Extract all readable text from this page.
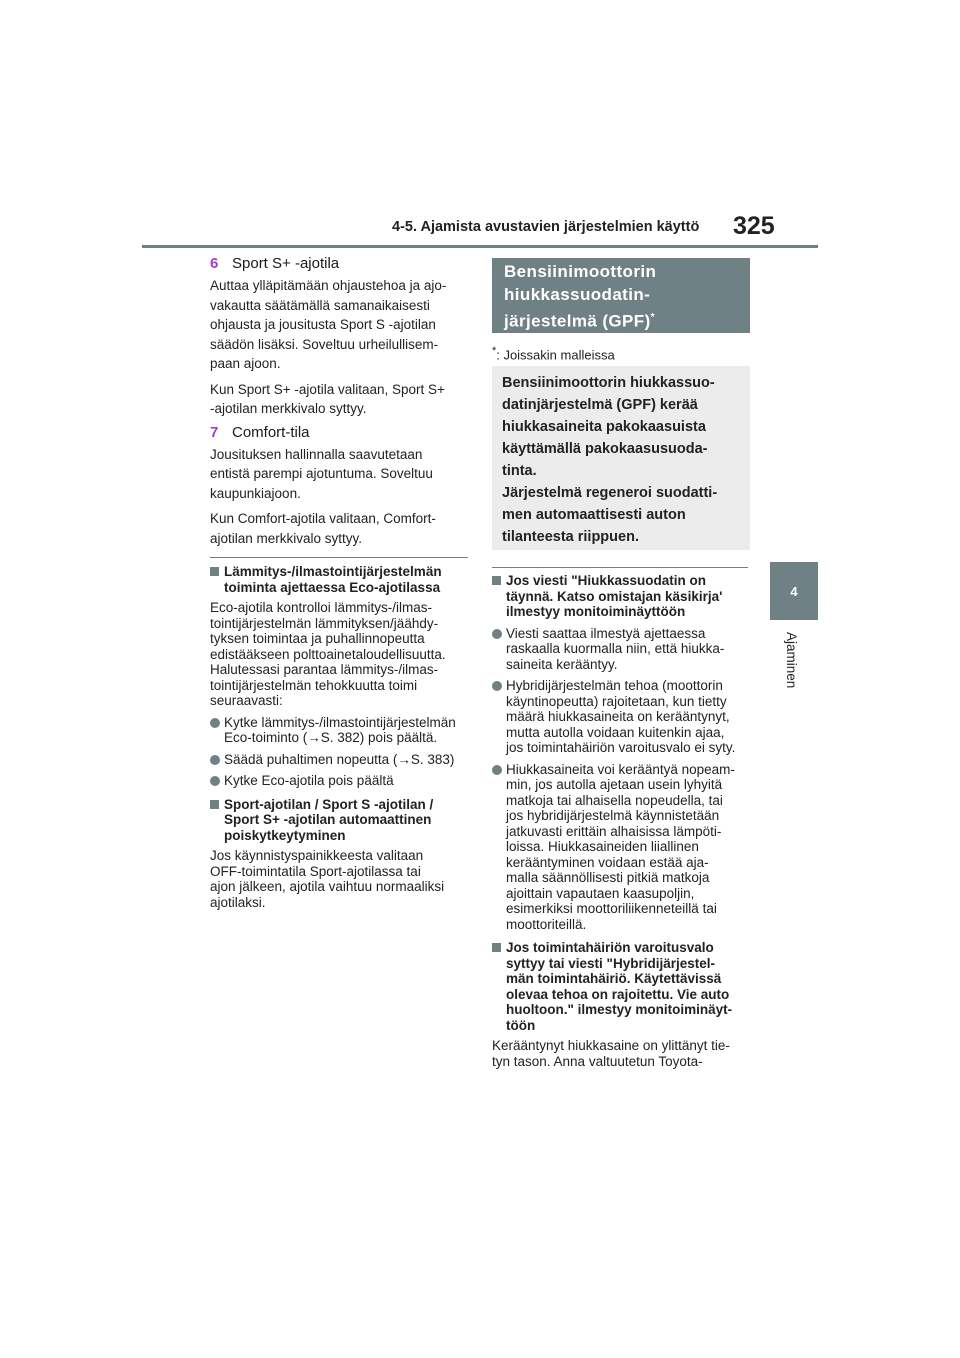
4-5. Ajamista avustavien järjestelmien käyttö 325
4
Ajaminen
6 Sport S+ -ajotila

Auttaa ylläpitämään ohjaustehoa ja ajo-

vakautta säätämällä samanaikaisesti

ohjausta ja jousitusta Sport S -ajotilan

säädön lisäksi. Soveltuu urheilullisem-

paan ajoon.

Kun Sport S+ -ajotila valitaan, Sport S+

-ajotilan merkkivalo syttyy.

7 Comfort-tila

Jousituksen hallinnalla saavutetaan

entistä parempi ajotuntuma. Soveltuu

kaupunkiajoon.

Kun Comfort-ajotila valitaan, Comfort-

ajotilan merkkivalo syttyy.

Lämmitys-/ilmastointijärjestelmän

toiminta ajettaessa Eco-ajotilassa

Eco-ajotila kontrolloi lämmitys-/ilmas-

tointijärjestelmän lämmityksen/jäähdy-

tyksen toimintaa ja puhallinnopeutta

edistääkseen polttoainetaloudellisuutta.

Halutessasi parantaa lämmitys-/ilmas-

tointijärjestelmän tehokkuutta toimi

seuraavasti:

Kytke lämmitys-/ilmastointijärjestelmän

Eco-toiminto (→S. 382) pois päältä.

Säädä puhaltimen nopeutta (→S. 383)

Kytke Eco-ajotila pois päältä

Sport-ajotilan / Sport S -ajotilan /

Sport S+ -ajotilan automaattinen

poiskytkeytyminen

Jos käynnistyspainikkeesta valitaan

OFF-toimintatila Sport-ajotilassa tai

ajon jälkeen, ajotila vaihtuu normaaliksi

ajotilaksi.

Bensiinimoottorin
hiukkassuodatin-
järjestelmä (GPF)*
*: Joissakin malleissa
Bensiinimoottorin hiukkassuo-
datinjärjestelmä (GPF) kerää
hiukkasaineita pakokaasuista
käyttämällä pakokaasusuoda-
tinta.
Järjestelmä regeneroi suodatti-
men automaattisesti auton
tilanteesta riippuen.

Jos viesti "Hiukkassuodatin on

täynnä. Katso omistajan käsikirja'

ilmestyy monitoiminäyttöön

Viesti saattaa ilmestyä ajettaessa

raskaalla kuormalla niin, että hiukka-

saineita kerääntyy.

Hybridijärjestelmän tehoa (moottorin

käyntinopeutta) rajoitetaan, kun tietty

määrä hiukkasaineita on kerääntynyt,

mutta autolla voidaan kuitenkin ajaa,

jos toimintahäiriön varoitusvalo ei syty.

Hiukkasaineita voi kerääntyä nopeam-

min, jos autolla ajetaan usein lyhyitä

matkoja tai alhaisella nopeudella, tai

jos hybridijärjestelmä käynnistetään

jatkuvasti erittäin alhaisissa lämpöti-

loissa. Hiukkasaineiden liiallinen

kerääntyminen voidaan estää aja-

malla säännöllisesti pitkiä matkoja

ajoittain vapautaen kaasupoljin,

esimerkiksi moottoriliikenneteillä tai

moottoriteillä.

Jos toimintahäiriön varoitusvalo

syttyy tai viesti "Hybridijärjestel-

män toimintahäiriö. Käytettävissä

olevaa tehoa on rajoitettu. Vie auto

huoltoon." ilmestyy monitoiminäyt-

töön

Kerääntynyt hiukkasaine on ylittänyt tie-

tyn tason. Anna valtuutetun Toyota-
